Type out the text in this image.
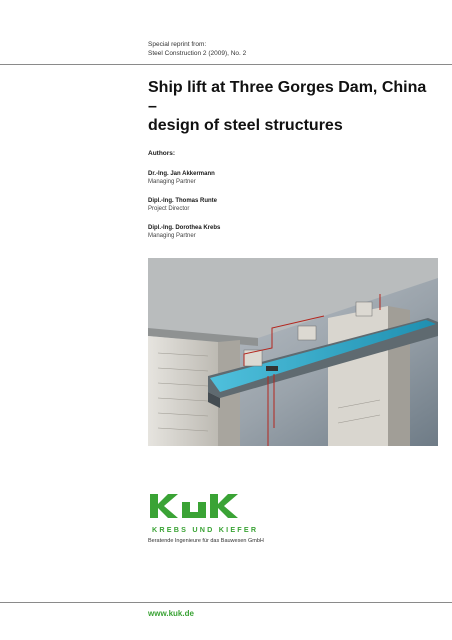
Special reprint from:
Steel Construction 2 (2009), No. 2
Ship lift at Three Gorges Dam, China –
design of steel structures
Authors:
Dr.-Ing. Jan Akkermann
Managing Partner
Dipl.-Ing. Thomas Runte
Project Director
Dipl.-Ing. Dorothea Krebs
Managing Partner
KREBS UND KIEFER
Beratende Ingenieure für das Bauwesen GmbH
www.kuk.de
